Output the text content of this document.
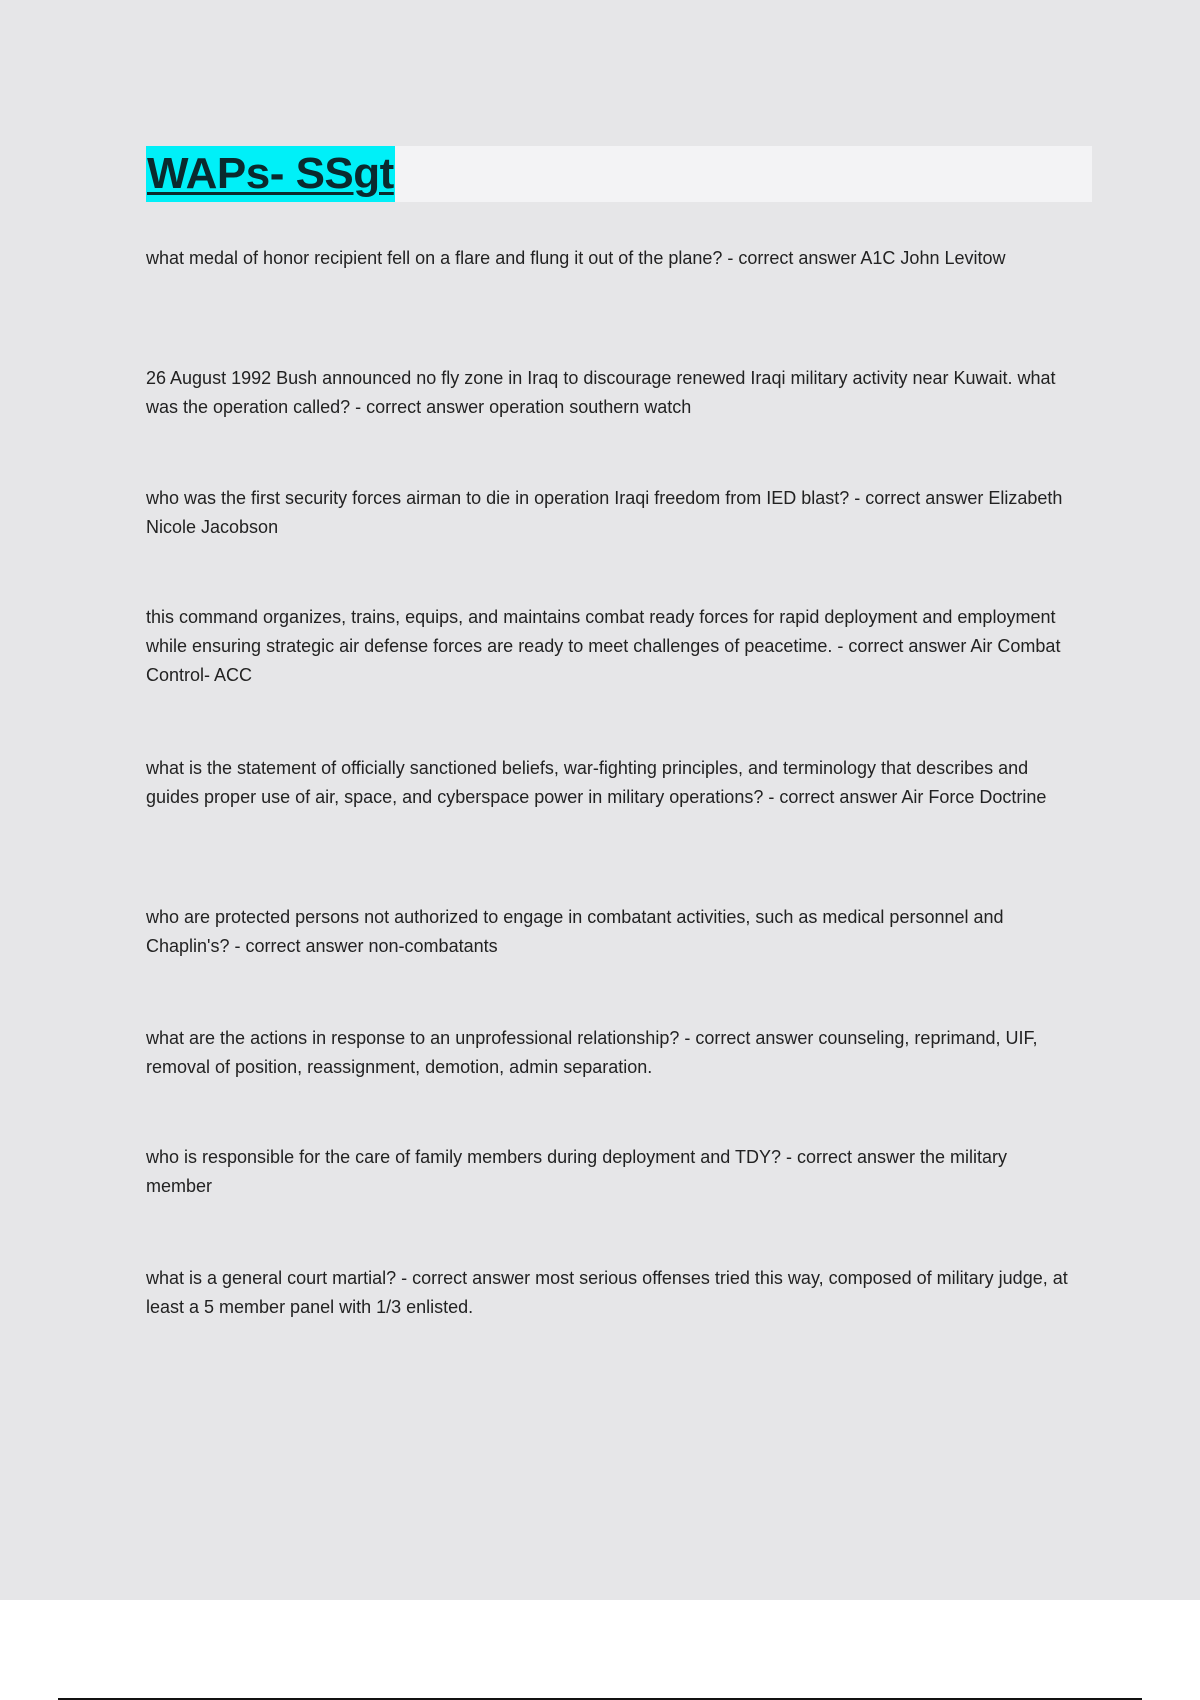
WAPs- SSgt

what medal of honor recipient fell on a flare and flung it out of the plane? - correct answer A1C John Levitow

26 August 1992 Bush announced no fly zone in Iraq to discourage renewed Iraqi military activity near Kuwait. what was the operation called? - correct answer operation southern watch

who was the first security forces airman to die in operation Iraqi freedom from IED blast? - correct answer Elizabeth Nicole Jacobson

this command organizes, trains, equips, and maintains combat ready forces for rapid deployment and employment while ensuring strategic air defense forces are ready to meet challenges of peacetime. - correct answer Air Combat Control- ACC

what is the statement of officially sanctioned beliefs, war-fighting principles, and terminology that describes and guides proper use of air, space, and cyberspace power in military operations? - correct answer Air Force Doctrine

who are protected persons not authorized to engage in combatant activities, such as medical personnel and Chaplin's? - correct answer non-combatants

what are the actions in response to an unprofessional relationship? - correct answer counseling, reprimand, UIF, removal of position, reassignment, demotion, admin separation.

who is responsible for the care of family members during deployment and TDY? - correct answer the military member

what is a general court martial? - correct answer most serious offenses tried this way, composed of military judge, at least a 5 member panel with 1/3 enlisted.
